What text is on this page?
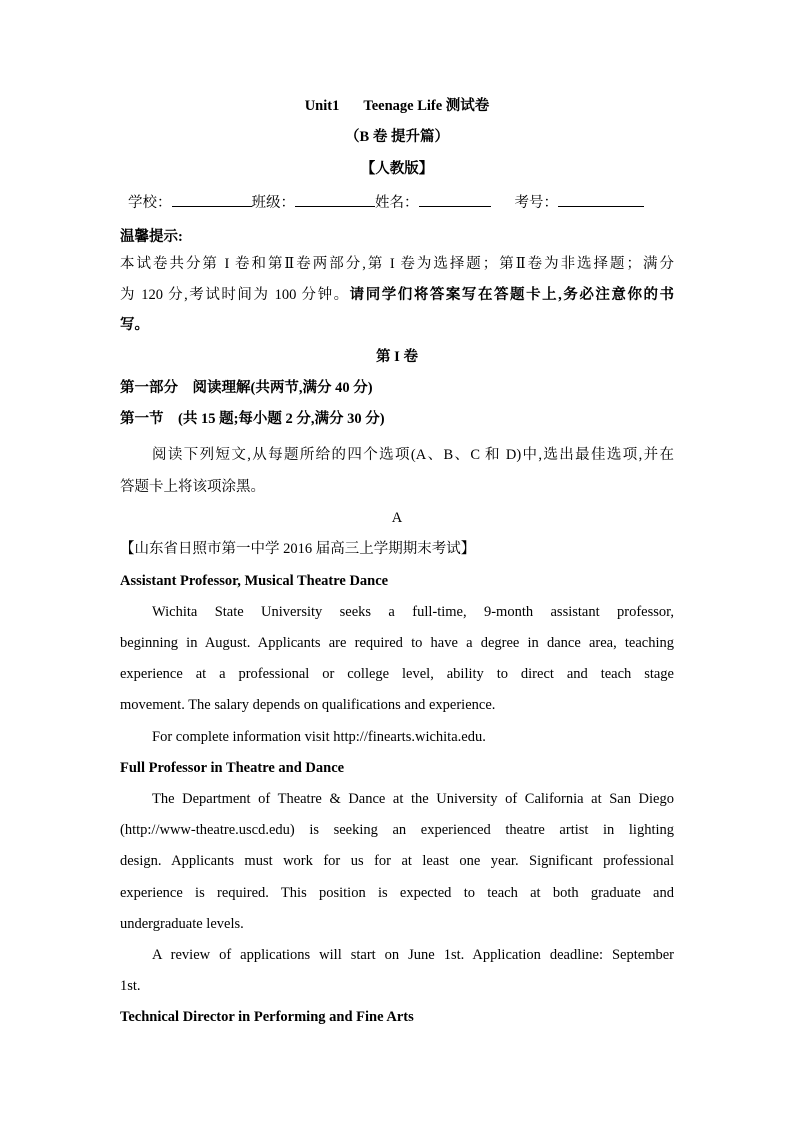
Unit1 Teenage Life 测试卷
（B 卷 提升篇）
【人教版】
学校：	班级：	姓名：	考号：
温馨提示:
本试卷共分第 I 卷和第Ⅱ卷两部分,第 I 卷为选择题；第Ⅱ卷为非选择题；满分
为 120 分,考试时间为 100 分钟。请同学们将答案写在答题卡上,务必注意你的书
写。
第 I 卷
第一部分　阅读理解(共两节,满分 40 分)
第一节　(共 15 题;每小题 2 分,满分 30 分)
阅读下列短文,从每题所给的四个选项(A、B、C 和 D)中,选出最佳选项,并在
答题卡上将该项涂黑。
A
【山东省日照市第一中学 2016 届高三上学期期末考试】
Assistant Professor, Musical Theatre Dance
Wichita State University seeks a full-time, 9-month assistant professor,
beginning in August. Applicants are required to have a degree in dance area, teaching
experience at a professional or college level, ability to direct and teach stage
movement. The salary depends on qualifications and experience.
For complete information visit http://finearts.wichita.edu.
Full Professor in Theatre and Dance
The Department of Theatre & Dance at the University of California at San Diego
(http://www-theatre.uscd.edu) is seeking an experienced theatre artist in lighting
design. Applicants must work for us for at least one year. Significant professional
experience is required. This position is expected to teach at both graduate and
undergraduate levels.
A review of applications will start on June 1st. Application deadline: September
1st.
Technical Director in Performing and Fine Arts
